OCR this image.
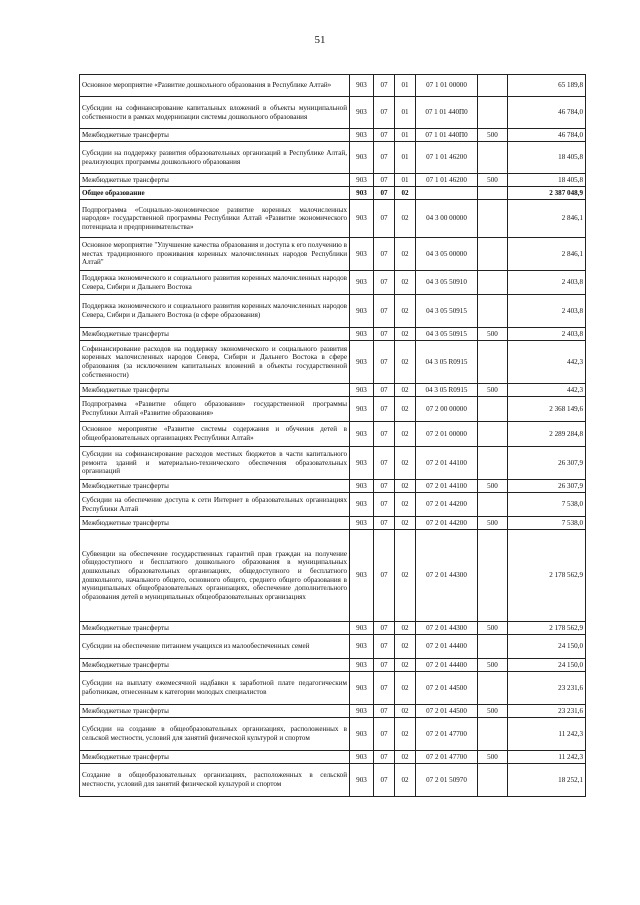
51
Основное мероприятие «Развитие дошкольного образования в Республике Алтай»	903	07	01	07 1 01 00000		65 189,8
Субсидии на софинансирование капитальных вложений в объекты муниципальной собственности в рамках модернизации системы дошкольного образования	903	07	01	07 1 01 440П0		46 784,0
Межбюджетные трансферты	903	07	01	07 1 01 440П0	500	46 784,0
Субсидии на поддержку развития образовательных организаций в Республике Алтай, реализующих программы дошкольного образования	903	07	01	07 1 01 46200		18 405,8
Межбюджетные трансферты	903	07	01	07 1 01 46200	500	18 405,8
Общее образование	903	07	02			2 387 048,9
Подпрограмма «Социально-экономическое развитие коренных малочисленных народов» государственной программы Республики Алтай «Развитие экономического потенциала и предпринимательства»	903	07	02	04 3 00 00000		2 846,1
Основное мероприятие "Улучшение качества образования и доступа к его получению в местах традиционного проживания коренных малочисленных народов Республики Алтай"	903	07	02	04 3 05 00000		2 846,1
Поддержка экономического и социального развития коренных малочисленных народов Севера, Сибири и Дальнего Востока	903	07	02	04 3 05 50910		2 403,8
Поддержка экономического и социального развития коренных малочисленных народов Севера, Сибири и Дальнего Востока (в сфере образования)	903	07	02	04 3 05 50915		2 403,8
Межбюджетные трансферты	903	07	02	04 3 05 50915	500	2 403,8
Софинансирование расходов на поддержку экономического и социального развития коренных малочисленных народов Севера, Сибири и Дальнего Востока в сфере образования (за исключением капитальных вложений в объекты государственной собственности)	903	07	02	04 3 05 R0915		442,3
Межбюджетные трансферты	903	07	02	04 3 05 R0915	500	442,3
Подпрограмма «Развитие общего образования» государственной программы Республики Алтай «Развитие образования»	903	07	02	07 2 00 00000		2 368 149,6
Основное мероприятие «Развитие системы содержания и обучения детей в общеобразовательных организациях Республики Алтай»	903	07	02	07 2 01 00000		2 289 284,8
Субсидии на софинансирование расходов местных бюджетов в части капитального ремонта зданий и материально-технического обеспечения образовательных организаций	903	07	02	07 2 01 44100		26 307,9
Межбюджетные трансферты	903	07	02	07 2 01 44100	500	26 307,9
Субсидии на обеспечение доступа к сети Интернет в образовательных организациях Республики Алтай	903	07	02	07 2 01 44200		7 538,0
Межбюджетные трансферты	903	07	02	07 2 01 44200	500	7 538,0
Субвенции на обеспечение государственных гарантий прав граждан на получение общедоступного и бесплатного дошкольного образования в муниципальных дошкольных образовательных организациях, общедоступного и бесплатного дошкольного, начального общего, основного общего, среднего общего образования в муниципальных общеобразовательных организациях, обеспечение дополнительного образования детей в муниципальных общеобразовательных организациях	903	07	02	07 2 01 44300		2 178 562,9
Межбюджетные трансферты	903	07	02	07 2 01 44300	500	2 178 562,9
Субсидии на обеспечение питанием учащихся из малообеспеченных семей	903	07	02	07 2 01 44400		24 150,0
Межбюджетные трансферты	903	07	02	07 2 01 44400	500	24 150,0
Субсидии на выплату ежемесячной надбавки к заработной плате педагогическим работникам, отнесенным к категории молодых специалистов	903	07	02	07 2 01 44500		23 231,6
Межбюджетные трансферты	903	07	02	07 2 01 44500	500	23 231,6
Субсидии на создание в общеобразовательных организациях, расположенных в сельской местности, условий для занятий физической культурой и спортом	903	07	02	07 2 01 47700		11 242,3
Межбюджетные трансферты	903	07	02	07 2 01 47700	500	11 242,3
Создание в общеобразовательных организациях, расположенных в сельской местности, условий для занятий физической культурой и спортом	903	07	02	07 2 01 50970		18 252,1
